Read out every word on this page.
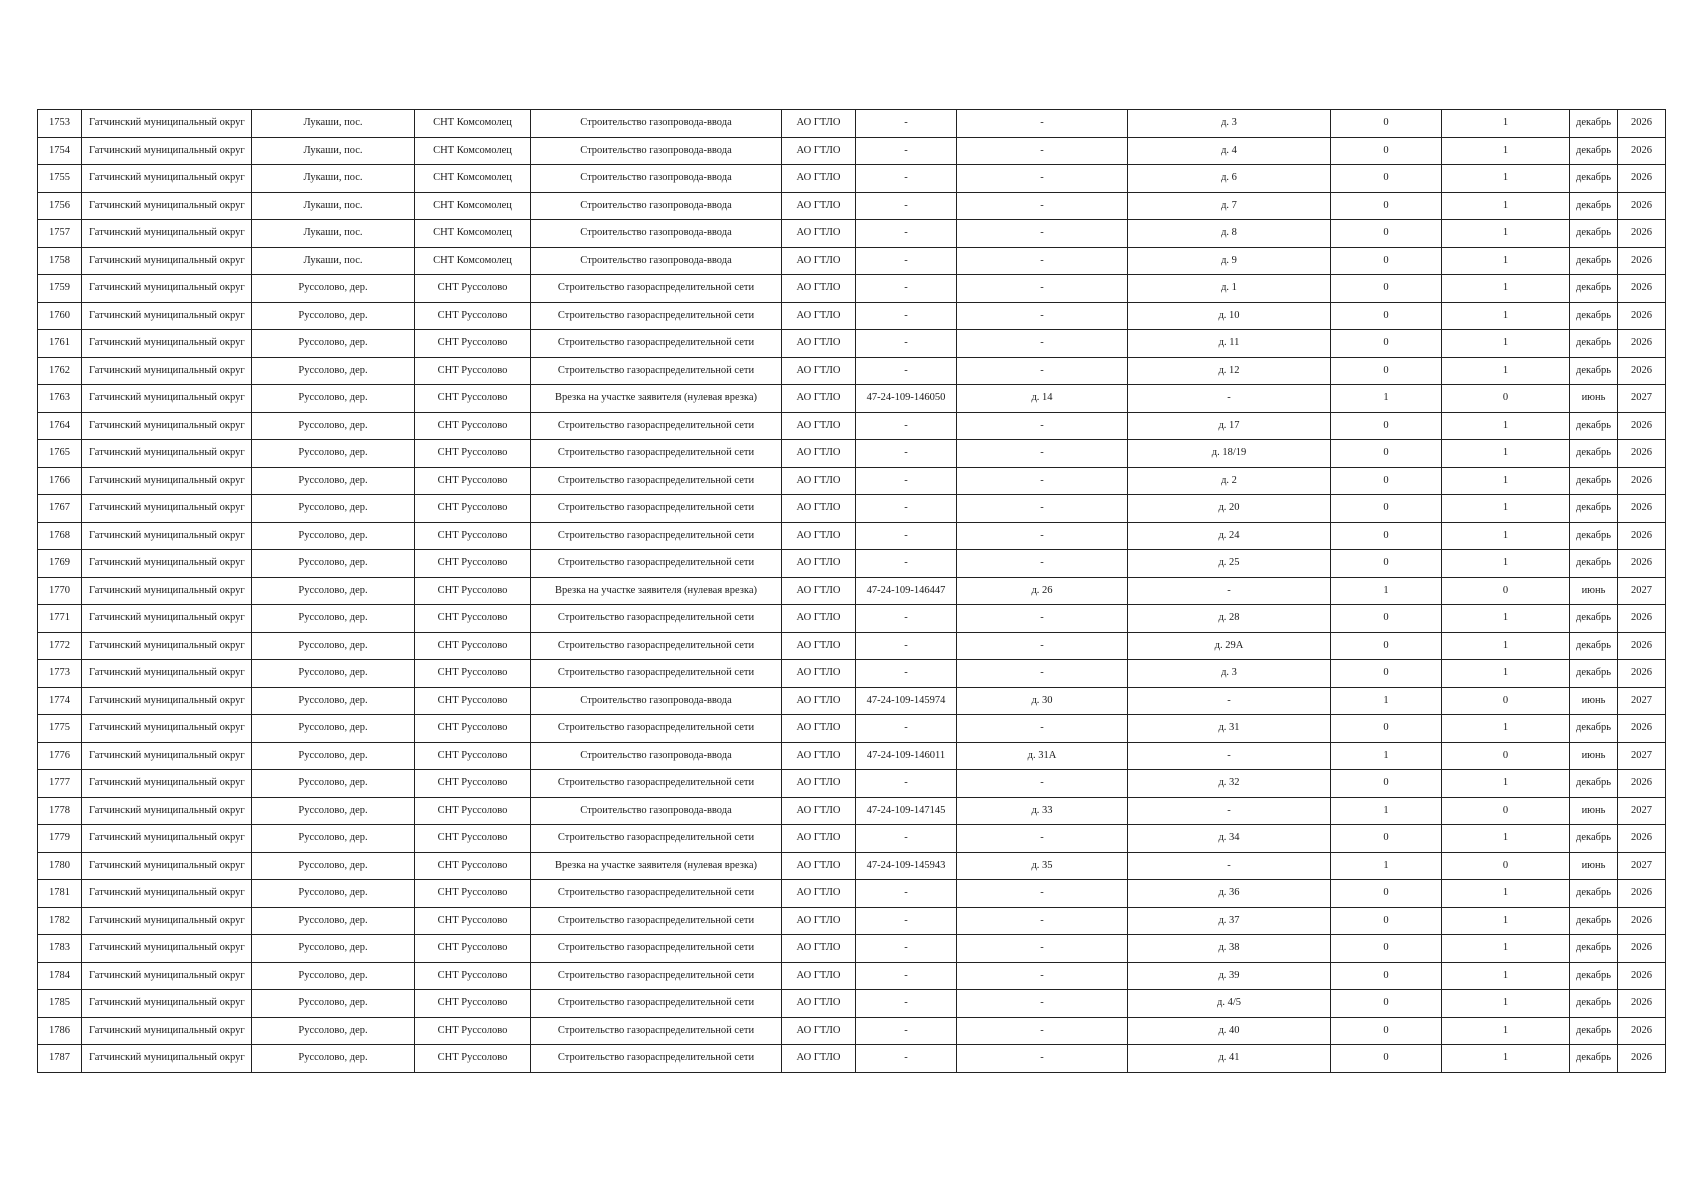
1753	Гатчинский муниципальный округ	Лукаши, пос.	СНТ Комсомолец	Строительство газопровода-ввода	АО ГТЛО	-	-	д. 3	0	1	декабрь	2026
1754	Гатчинский муниципальный округ	Лукаши, пос.	СНТ Комсомолец	Строительство газопровода-ввода	АО ГТЛО	-	-	д. 4	0	1	декабрь	2026
1755	Гатчинский муниципальный округ	Лукаши, пос.	СНТ Комсомолец	Строительство газопровода-ввода	АО ГТЛО	-	-	д. 6	0	1	декабрь	2026
1756	Гатчинский муниципальный округ	Лукаши, пос.	СНТ Комсомолец	Строительство газопровода-ввода	АО ГТЛО	-	-	д. 7	0	1	декабрь	2026
1757	Гатчинский муниципальный округ	Лукаши, пос.	СНТ Комсомолец	Строительство газопровода-ввода	АО ГТЛО	-	-	д. 8	0	1	декабрь	2026
1758	Гатчинский муниципальный округ	Лукаши, пос.	СНТ Комсомолец	Строительство газопровода-ввода	АО ГТЛО	-	-	д. 9	0	1	декабрь	2026
1759	Гатчинский муниципальный округ	Руссолово, дер.	СНТ Руссолово	Строительство газораспределительной сети	АО ГТЛО	-	-	д. 1	0	1	декабрь	2026
1760	Гатчинский муниципальный округ	Руссолово, дер.	СНТ Руссолово	Строительство газораспределительной сети	АО ГТЛО	-	-	д. 10	0	1	декабрь	2026
1761	Гатчинский муниципальный округ	Руссолово, дер.	СНТ Руссолово	Строительство газораспределительной сети	АО ГТЛО	-	-	д. 11	0	1	декабрь	2026
1762	Гатчинский муниципальный округ	Руссолово, дер.	СНТ Руссолово	Строительство газораспределительной сети	АО ГТЛО	-	-	д. 12	0	1	декабрь	2026
1763	Гатчинский муниципальный округ	Руссолово, дер.	СНТ Руссолово	Врезка на участке заявителя (нулевая врезка)	АО ГТЛО	47-24-109-146050	д. 14	-	1	0	июнь	2027
1764	Гатчинский муниципальный округ	Руссолово, дер.	СНТ Руссолово	Строительство газораспределительной сети	АО ГТЛО	-	-	д. 17	0	1	декабрь	2026
1765	Гатчинский муниципальный округ	Руссолово, дер.	СНТ Руссолово	Строительство газораспределительной сети	АО ГТЛО	-	-	д. 18/19	0	1	декабрь	2026
1766	Гатчинский муниципальный округ	Руссолово, дер.	СНТ Руссолово	Строительство газораспределительной сети	АО ГТЛО	-	-	д. 2	0	1	декабрь	2026
1767	Гатчинский муниципальный округ	Руссолово, дер.	СНТ Руссолово	Строительство газораспределительной сети	АО ГТЛО	-	-	д. 20	0	1	декабрь	2026
1768	Гатчинский муниципальный округ	Руссолово, дер.	СНТ Руссолово	Строительство газораспределительной сети	АО ГТЛО	-	-	д. 24	0	1	декабрь	2026
1769	Гатчинский муниципальный округ	Руссолово, дер.	СНТ Руссолово	Строительство газораспределительной сети	АО ГТЛО	-	-	д. 25	0	1	декабрь	2026
1770	Гатчинский муниципальный округ	Руссолово, дер.	СНТ Руссолово	Врезка на участке заявителя (нулевая врезка)	АО ГТЛО	47-24-109-146447	д. 26	-	1	0	июнь	2027
1771	Гатчинский муниципальный округ	Руссолово, дер.	СНТ Руссолово	Строительство газораспределительной сети	АО ГТЛО	-	-	д. 28	0	1	декабрь	2026
1772	Гатчинский муниципальный округ	Руссолово, дер.	СНТ Руссолово	Строительство газораспределительной сети	АО ГТЛО	-	-	д. 29А	0	1	декабрь	2026
1773	Гатчинский муниципальный округ	Руссолово, дер.	СНТ Руссолово	Строительство газораспределительной сети	АО ГТЛО	-	-	д. 3	0	1	декабрь	2026
1774	Гатчинский муниципальный округ	Руссолово, дер.	СНТ Руссолово	Строительство газопровода-ввода	АО ГТЛО	47-24-109-145974	д. 30	-	1	0	июнь	2027
1775	Гатчинский муниципальный округ	Руссолово, дер.	СНТ Руссолово	Строительство газораспределительной сети	АО ГТЛО	-	-	д. 31	0	1	декабрь	2026
1776	Гатчинский муниципальный округ	Руссолово, дер.	СНТ Руссолово	Строительство газопровода-ввода	АО ГТЛО	47-24-109-146011	д. 31А	-	1	0	июнь	2027
1777	Гатчинский муниципальный округ	Руссолово, дер.	СНТ Руссолово	Строительство газораспределительной сети	АО ГТЛО	-	-	д. 32	0	1	декабрь	2026
1778	Гатчинский муниципальный округ	Руссолово, дер.	СНТ Руссолово	Строительство газопровода-ввода	АО ГТЛО	47-24-109-147145	д. 33	-	1	0	июнь	2027
1779	Гатчинский муниципальный округ	Руссолово, дер.	СНТ Руссолово	Строительство газораспределительной сети	АО ГТЛО	-	-	д. 34	0	1	декабрь	2026
1780	Гатчинский муниципальный округ	Руссолово, дер.	СНТ Руссолово	Врезка на участке заявителя (нулевая врезка)	АО ГТЛО	47-24-109-145943	д. 35	-	1	0	июнь	2027
1781	Гатчинский муниципальный округ	Руссолово, дер.	СНТ Руссолово	Строительство газораспределительной сети	АО ГТЛО	-	-	д. 36	0	1	декабрь	2026
1782	Гатчинский муниципальный округ	Руссолово, дер.	СНТ Руссолово	Строительство газораспределительной сети	АО ГТЛО	-	-	д. 37	0	1	декабрь	2026
1783	Гатчинский муниципальный округ	Руссолово, дер.	СНТ Руссолово	Строительство газораспределительной сети	АО ГТЛО	-	-	д. 38	0	1	декабрь	2026
1784	Гатчинский муниципальный округ	Руссолово, дер.	СНТ Руссолово	Строительство газораспределительной сети	АО ГТЛО	-	-	д. 39	0	1	декабрь	2026
1785	Гатчинский муниципальный округ	Руссолово, дер.	СНТ Руссолово	Строительство газораспределительной сети	АО ГТЛО	-	-	д. 4/5	0	1	декабрь	2026
1786	Гатчинский муниципальный округ	Руссолово, дер.	СНТ Руссолово	Строительство газораспределительной сети	АО ГТЛО	-	-	д. 40	0	1	декабрь	2026
1787	Гатчинский муниципальный округ	Руссолово, дер.	СНТ Руссолово	Строительство газораспределительной сети	АО ГТЛО	-	-	д. 41	0	1	декабрь	2026
